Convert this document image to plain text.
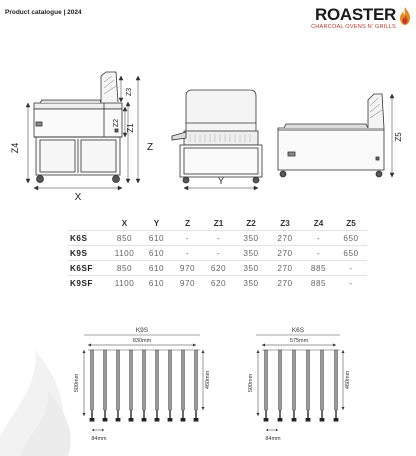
Product catalogue | 2024	ROASTER
CHARCOAL OVENS N' GRILLS
X
Z4
Z1
Z2
Z3
Z
Y
Z5
	X	Y	Z	Z1	Z2	Z3	Z4	Z5
K6S	850	610	-	-	350	270	-	650
K9S	1100	610	-	-	350	270	-	650
K6SF	850	610	970	620	350	270	885	-
K9SF	1100	610	970	620	350	270	885	-
K9S
830mm
500mm	460mm
84mm
K6S
575mm
500mm	460mm
84mm
